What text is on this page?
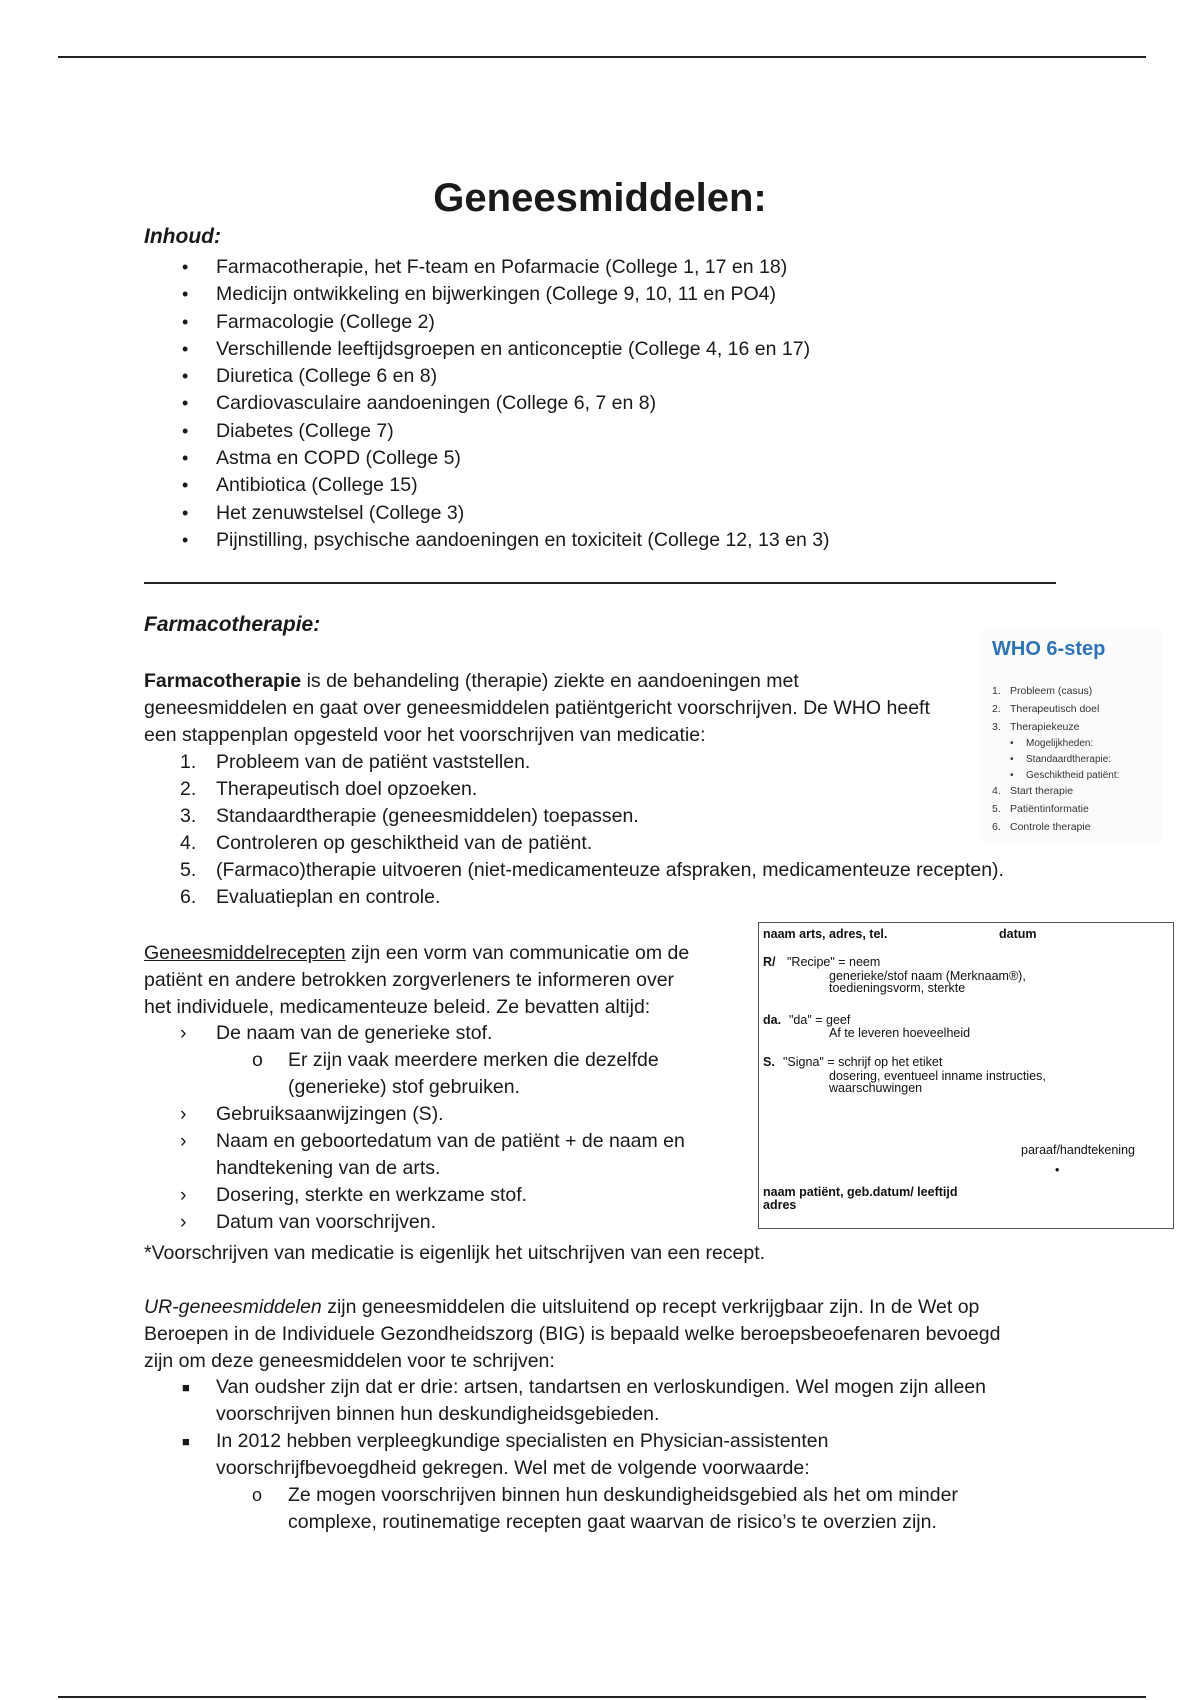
Geneesmiddelen:

Inhoud:

• Farmacotherapie, het F-team en Pofarmacie (College 1, 17 en 18)
• Medicijn ontwikkeling en bijwerkingen (College 9, 10, 11 en PO4)
• Farmacologie (College 2)
• Verschillende leeftijdsgroepen en anticonceptie (College 4, 16 en 17)
• Diuretica (College 6 en 8)
• Cardiovasculaire aandoeningen (College 6, 7 en 8)
• Diabetes (College 7)
• Astma en COPD (College 5)
• Antibiotica (College 15)
• Het zenuwstelsel (College 3)
• Pijnstilling, psychische aandoeningen en toxiciteit (College 12, 13 en 3)

Farmacotherapie:

Farmacotherapie is de behandeling (therapie) ziekte en aandoeningen met
geneesmiddelen en gaat over geneesmiddelen patiëntgericht voorschrijven. De WHO heeft
een stappenplan opgesteld voor het voorschrijven van medicatie:

1. Probleem van de patiënt vaststellen.
2. Therapeutisch doel opzoeken.
3. Standaardtherapie (geneesmiddelen) toepassen.
4. Controleren op geschiktheid van de patiënt.
5. (Farmaco)therapie uitvoeren (niet-medicamenteuze afspraken, medicamenteuze recepten).
6. Evaluatieplan en controle.

WHO 6-step

1. Probleem (casus)
2. Therapeutisch doel
3. Therapiekeuze
• Mogelijkheden:
• Standaardtherapie:
• Geschiktheid patiënt:
4. Start therapie
5. Patiëntinformatie
6. Controle therapie

Geneesmiddelrecepten zijn een vorm van communicatie om de
patiënt en andere betrokken zorgverleners te informeren over
het individuele, medicamenteuze beleid. Ze bevatten altijd:

› De naam van de generieke stof.
o Er zijn vaak meerdere merken die dezelfde
(generieke) stof gebruiken.
› Gebruiksaanwijzingen (S).
› Naam en geboortedatum van de patiënt + de naam en
handtekening van de arts.
› Dosering, sterkte en werkzame stof.
› Datum van voorschrijven.

*Voorschrijven van medicatie is eigenlijk het uitschrijven van een recept.

naam arts, adres, tel.	datum

R/ "Recipe" = neem

generieke/stof naam (Merknaam®),

toedieningsvorm, sterkte

da. "da" = geef

Af te leveren hoeveelheid

S. "Signa" = schrijf op het etiket

dosering, eventueel inname instructies,

waarschuwingen

paraaf/handtekening

•

naam patiënt, geb.datum/ leeftijd

adres

UR-geneesmiddelen zijn geneesmiddelen die uitsluitend op recept verkrijgbaar zijn. In de Wet op
Beroepen in de Individuele Gezondheidszorg (BIG) is bepaald welke beroepsbeoefenaren bevoegd
zijn om deze geneesmiddelen voor te schrijven:

■ Van oudsher zijn dat er drie: artsen, tandartsen en verloskundigen. Wel mogen zijn alleen
voorschrijven binnen hun deskundigheidsgebieden.
■ In 2012 hebben verpleegkundige specialisten en Physician-assistenten
voorschrijfbevoegdheid gekregen. Wel met de volgende voorwaarde:
o Ze mogen voorschrijven binnen hun deskundigheidsgebied als het om minder
complexe, routinematige recepten gaat waarvan de risico’s te overzien zijn.
